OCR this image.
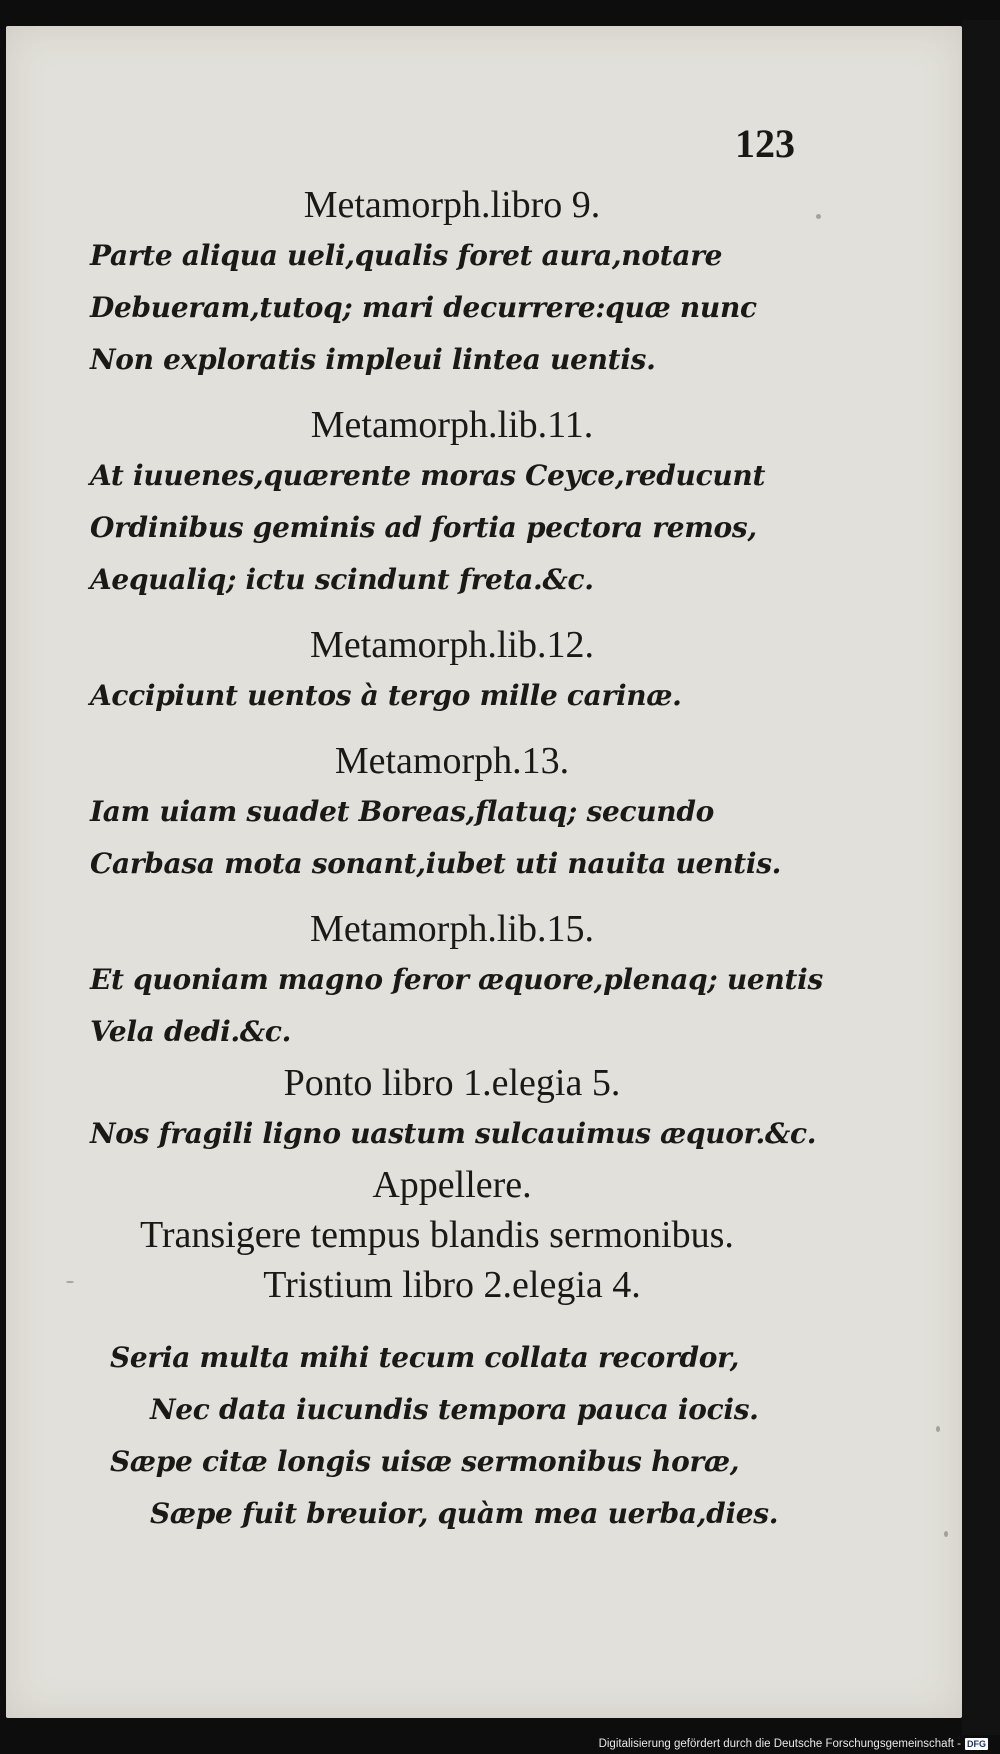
123

Metamorph.libro 9.

Parte aliqua ueli,qualis foret aura,notare

Debueram,tutoq; mari decurrere:quæ nunc

Non exploratis impleui lintea uentis.

Metamorph.lib.11.

At iuuenes,quærente moras Ceyce,reducunt

Ordinibus geminis ad fortia pectora remos,

Aequaliq; ictu scindunt freta.&c.

Metamorph.lib.12.

Accipiunt uentos à tergo mille carinæ.

Metamorph.13.

Iam uiam suadet Boreas,flatuq; secundo

Carbasa mota sonant,iubet uti nauita uentis.

Metamorph.lib.15.

Et quoniam magno feror æquore,plenaq; uentis

Vela dedi.&c.

Ponto libro 1.elegia 5.

Nos fragili ligno uastum sulcauimus æquor.&c.

Appellere.

Transigere tempus blandis sermonibus.

Tristium libro 2.elegia 4.

Seria multa mihi tecum collata recordor,

Nec data iucundis tempora pauca iocis.

Sæpe citæ longis uisæ sermonibus horæ,

Sæpe fuit breuior, quàm mea uerba,dies.

Digitalisierung gefördert durch die Deutsche Forschungsgemeinschaft - DFG
